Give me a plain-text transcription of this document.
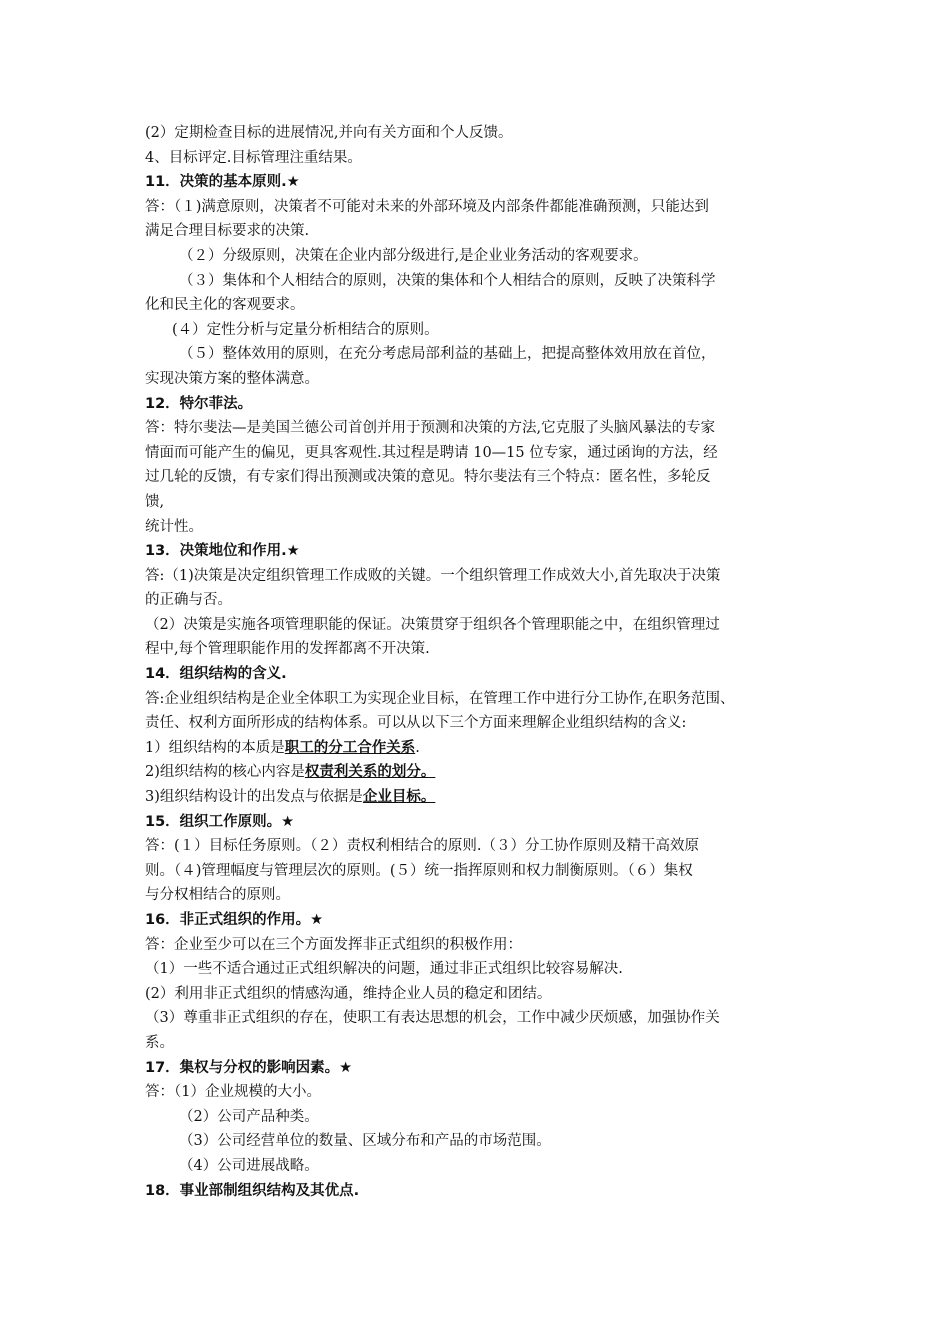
(2）定期检查目标的进展情况,并向有关方面和个人反馈。
4、目标评定.目标管理注重结果。
11．决策的基本原则.★
答：（１)满意原则，决策者不可能对未来的外部环境及内部条件都能准确预测，只能达到
满足合理目标要求的决策.
（２）分级原则，决策在企业内部分级进行,是企业业务活动的客观要求。
（３）集体和个人相结合的原则，决策的集体和个人相结合的原则，反映了决策科学
化和民主化的客观要求。
(４）定性分析与定量分析相结合的原则。
（５）整体效用的原则，在充分考虑局部利益的基础上，把提高整体效用放在首位，
实现决策方案的整体满意。
12．特尔菲法。
答：特尔斐法—是美国兰德公司首创并用于预测和决策的方法,它克服了头脑风暴法的专家
情面而可能产生的偏见，更具客观性.其过程是聘请 10—15 位专家，通过函询的方法，经
过几轮的反馈，有专家们得出预测或决策的意见。特尔斐法有三个特点：匿名性，多轮反
馈,
统计性。
13．决策地位和作用.★
答:（1)决策是决定组织管理工作成败的关键。一个组织管理工作成效大小,首先取决于决策
的正确与否。
（2）决策是实施各项管理职能的保证。决策贯穿于组织各个管理职能之中，在组织管理过
程中,每个管理职能作用的发挥都离不开决策.
14．组织结构的含义.
答:企业组织结构是企业全体职工为实现企业目标，在管理工作中进行分工协作,在职务范围、
责任、权利方面所形成的结构体系。可以从以下三个方面来理解企业组织结构的含义:
1）组织结构的本质是职工的分工合作关系.
2)组织结构的核心内容是权责利关系的划分。
3)组织结构设计的出发点与依据是企业目标。
15．组织工作原则。★
答：(１）目标任务原则。（２）责权利相结合的原则.（３）分工协作原则及精干高效原
则。（４)管理幅度与管理层次的原则。(５）统一指挥原则和权力制衡原则。（６）集权
与分权相结合的原则。
16．非正式组织的作用。★
答：企业至少可以在三个方面发挥非正式组织的积极作用：
（1）一些不适合通过正式组织解决的问题，通过非正式组织比较容易解决.
(2）利用非正式组织的情感沟通，维持企业人员的稳定和团结。
（3）尊重非正式组织的存在，使职工有表达思想的机会，工作中减少厌烦感，加强协作关
系。
17．集权与分权的影响因素。★
答：（1）企业规模的大小。
（2）公司产品种类。
（3）公司经营单位的数量、区域分布和产品的市场范围。
（4）公司进展战略。
18．事业部制组织结构及其优点.
